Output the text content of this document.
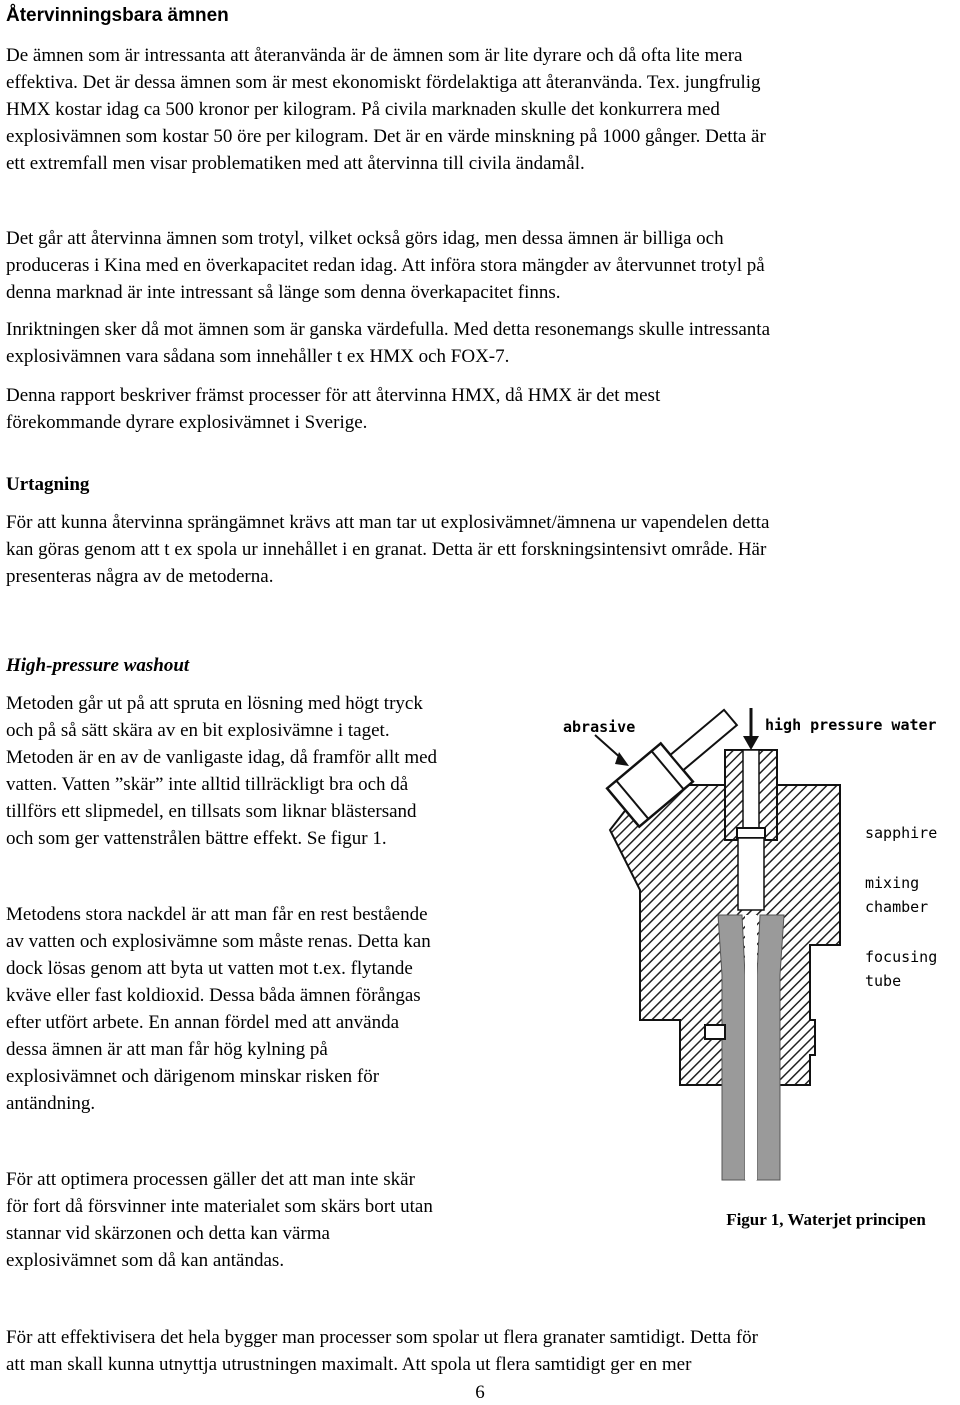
Återvinningsbara ämnen
De ämnen som är intressanta att återanvända är de ämnen som är lite dyrare och då ofta lite mera
effektiva. Det är dessa ämnen som är mest ekonomiskt fördelaktiga att återanvända. Tex. jungfrulig
HMX kostar idag ca 500 kronor per kilogram. På civila marknaden skulle det konkurrera med
explosivämnen som kostar 50 öre per kilogram. Det är en värde minskning på 1000 gånger. Detta är
ett extremfall men visar problematiken med att återvinna till civila ändamål.
Det går att återvinna ämnen som trotyl, vilket också görs idag, men dessa ämnen är billiga och
produceras i Kina med en överkapacitet redan idag. Att införa stora mängder av återvunnet trotyl på
denna marknad är inte intressant så länge som denna överkapacitet finns.
Inriktningen sker då mot ämnen som är ganska värdefulla. Med detta resonemangs skulle intressanta
explosivämnen vara sådana som innehåller t ex HMX och FOX-7.
Denna rapport beskriver främst processer för att återvinna HMX, då HMX är det mest
förekommande dyrare explosivämnet i Sverige.
Urtagning
För att kunna återvinna sprängämnet krävs att man tar ut explosivämnet/ämnena ur vapendelen detta
kan göras genom att t ex spola ur innehållet i en granat. Detta är ett forskningsintensivt område. Här
presenteras några av de metoderna.
High-pressure washout
Metoden går ut på att spruta en lösning med högt tryck
och på så sätt skära av en bit explosivämne i taget.
Metoden är en av de vanligaste idag, då framför allt med
vatten. Vatten ”skär” inte alltid tillräckligt bra och då
tillförs ett slipmedel, en tillsats som liknar blästersand
och som ger vattenstrålen bättre effekt. Se figur 1.
Metodens stora nackdel är att man får en rest bestående
av vatten och explosivämne som måste renas. Detta kan
dock lösas genom att byta ut vatten mot t.ex. flytande
kväve eller fast koldioxid. Dessa båda ämnen förångas
efter utfört arbete. En annan fördel med att använda
dessa ämnen är att man får hög kylning på
explosivämnet och därigenom minskar risken för
antändning.
För att optimera processen gäller det att man inte skär
för fort då försvinner inte materialet som skärs bort utan
stannar vid skärzonen och detta kan värma
explosivämnet som då kan antändas.
För att effektivisera det hela bygger man processer som spolar ut flera granater samtidigt. Detta för
att man skall kunna utnyttja utrustningen maximalt. Att spola ut flera samtidigt ger en mer
abrasive	high pressure water
sapphire
mixing
chamber
focusing
tube
Figur 1, Waterjet principen
6
